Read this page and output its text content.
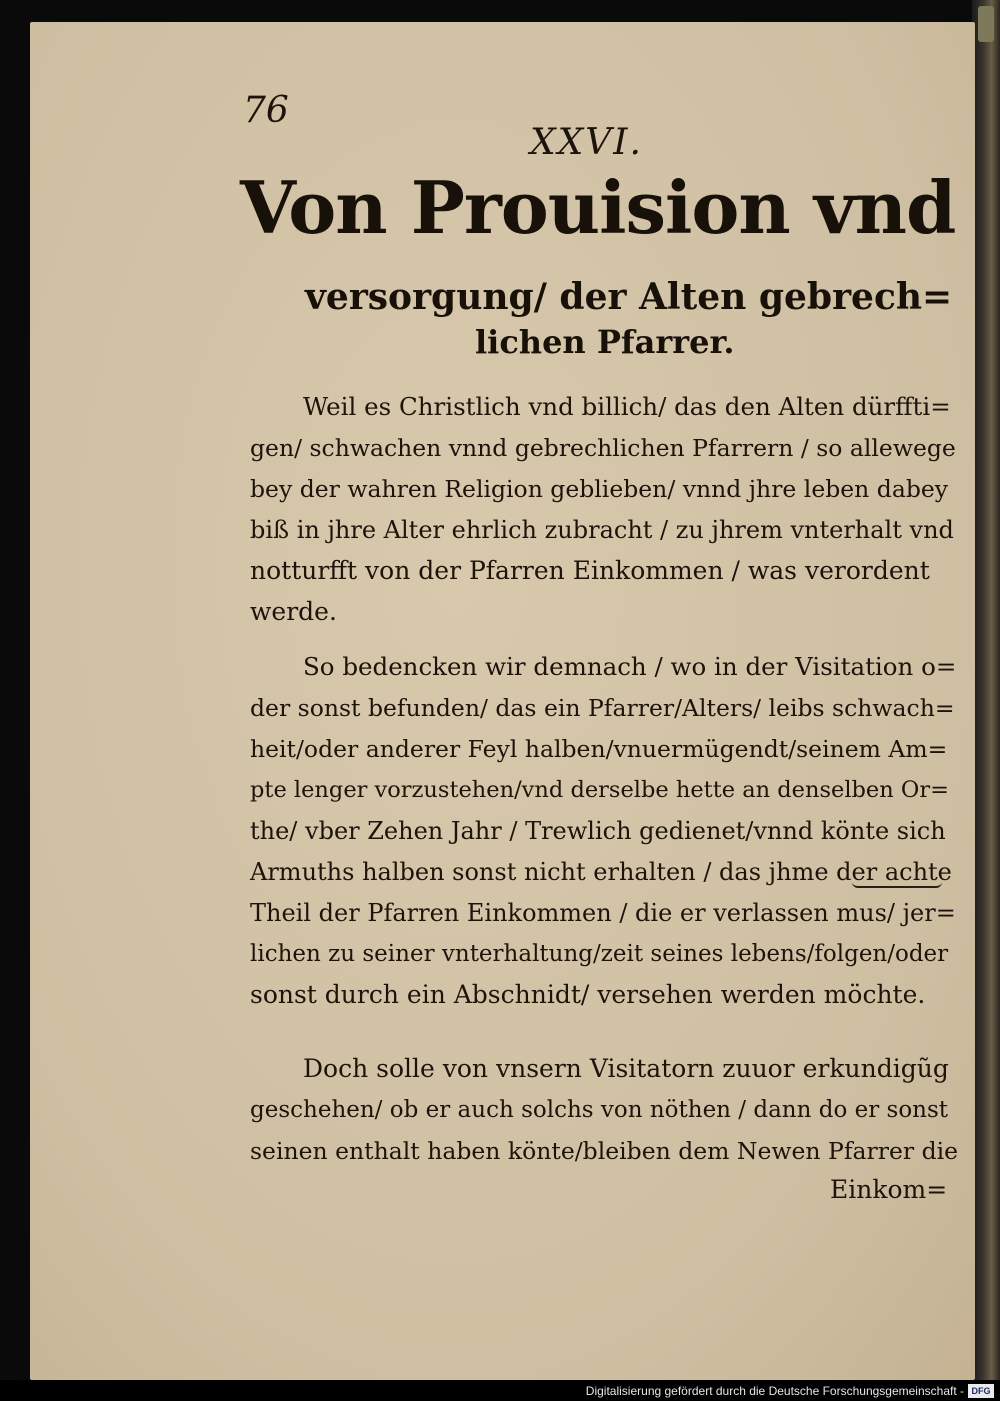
76
XXVI.
Von Prouision vnd
versorgung/ der Alten gebrech=
lichen Pfarrer.
Weil es Christlich vnd billich/ das den Alten dürffti=
gen/ schwachen vnnd gebrechlichen Pfarrern / so allewege
bey der wahren Religion geblieben/ vnnd jhre leben dabey
biß in jhre Alter ehrlich zubracht / zu jhrem vnterhalt vnd
notturfft von der Pfarren Einkommen / was verordent
werde.
So bedencken wir demnach / wo in der Visitation o=
der sonst befunden/ das ein Pfarrer/Alters/ leibs schwach=
heit/oder anderer Feyl halben/vnuermügendt/seinem Am=
pte lenger vorzustehen/vnd derselbe hette an denselben Or=
the/ vber Zehen Jahr / Trewlich gedienet/vnnd könte sich
Armuths halben sonst nicht erhalten / das jhme der achte
Theil der Pfarren Einkommen / die er verlassen mus/ jer=
lichen zu seiner vnterhaltung/zeit seines lebens/folgen/oder
sonst durch ein Abschnidt/ versehen werden möchte.
Doch solle von vnsern Visitatorn zuuor erkundigũg
geschehen/ ob er auch solchs von nöthen / dann do er sonst
seinen enthalt haben könte/bleiben dem Newen Pfarrer die
Einkom=
Digitalisierung gefördert durch die Deutsche Forschungsgemeinschaft - DFG
